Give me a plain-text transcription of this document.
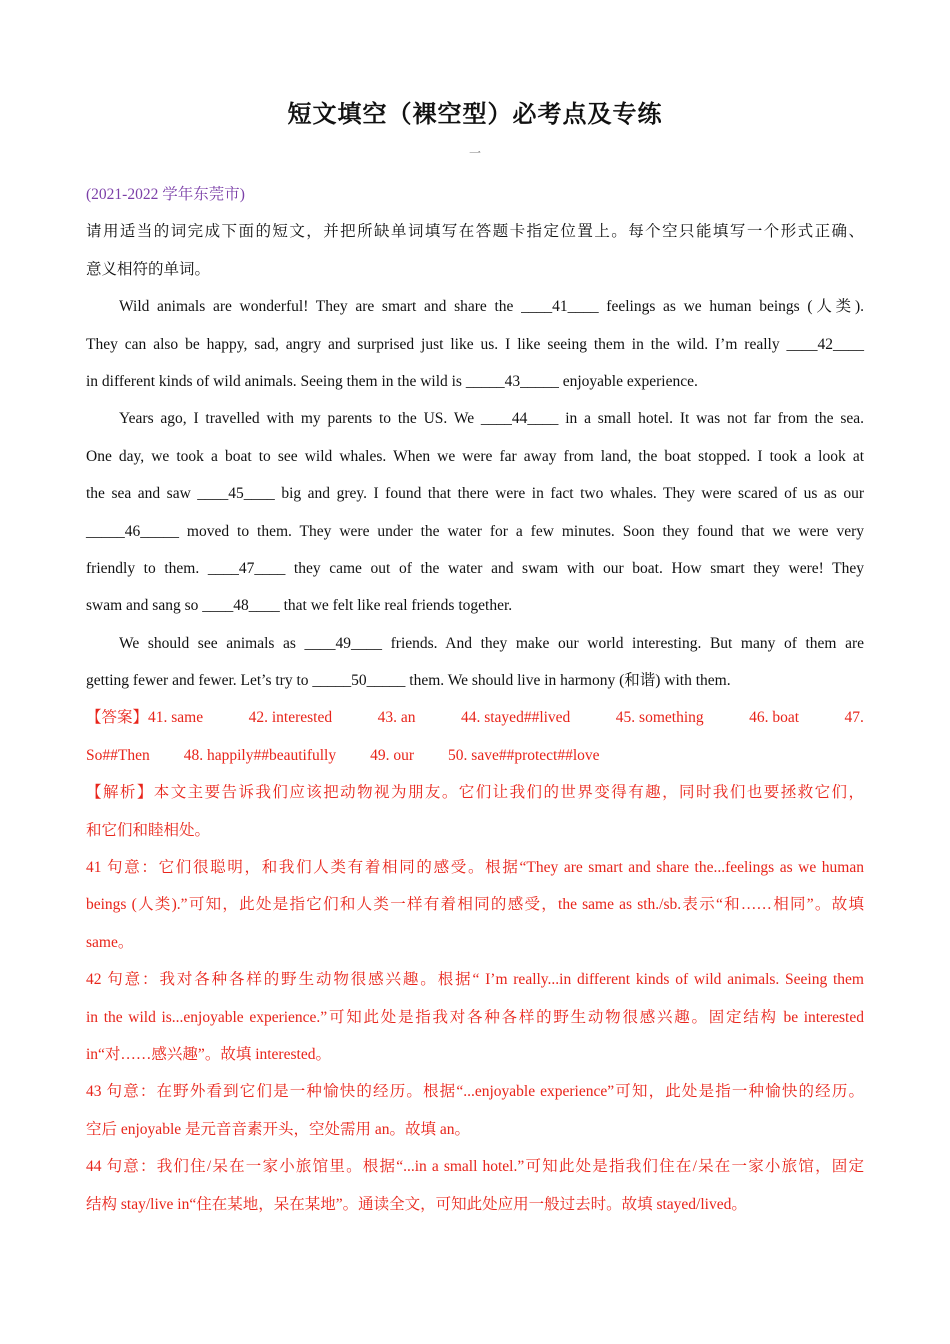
短文填空（裸空型）必考点及专练
一
(2021-2022 学年东莞市)
请用适当的词完成下面的短文，并把所缺单词填写在答题卡指定位置上。每个空只能填写一个形式正确、
意义相符的单词。
Wild animals are wonderful! They are smart and share the ____41____ feelings as we human beings (人类).
They can also be happy, sad, angry and surprised just like us. I like seeing them in the wild. I’m really ____42____
in different kinds of wild animals. Seeing them in the wild is _____43_____ enjoyable experience.
Years ago, I travelled with my parents to the US. We ____44____ in a small hotel. It was not far from the sea.
One day, we took a boat to see wild whales. When we were far away from land, the boat stopped. I took a look at
the sea and saw ____45____ big and grey. I found that there were in fact two whales. They were scared of us as our
_____46_____ moved to them. They were under the water for a few minutes. Soon they found that we were very
friendly to them. ____47____ they came out of the water and swam with our boat. How smart they were! They
swam and sang so ____48____ that we felt like real friends together.
We should see animals as ____49____ friends. And they make our world interesting. But many of them are
getting fewer and fewer. Let’s try to _____50_____ them. We should live in harmony (和谐) with them.
【答案】41. same	42. interested	43. an	44. stayed##lived	45. something	46. boat	47.
So##Then 48. happily##beautifully 49. our 50. save##protect##love
【解析】本文主要告诉我们应该把动物视为朋友。它们让我们的世界变得有趣，同时我们也要拯救它们，
和它们和睦相处。
41 句意：它们很聪明，和我们人类有着相同的感受。根据“They are smart and share the...feelings as we human
beings (人类).”可知，此处是指它们和人类一样有着相同的感受，the same as sth./sb.表示“和……相同”。故填
same。
42 句意：我对各种各样的野生动物很感兴趣。根据“ I’m really...in different kinds of wild animals. Seeing them
in the wild is...enjoyable experience.”可知此处是指我对各种各样的野生动物很感兴趣。固定结构 be interested
in“对……感兴趣”。故填 interested。
43 句意：在野外看到它们是一种愉快的经历。根据“...enjoyable experience”可知，此处是指一种愉快的经历。
空后 enjoyable 是元音音素开头，空处需用 an。故填 an。
44 句意：我们住/呆在一家小旅馆里。根据“...in a small hotel.”可知此处是指我们住在/呆在一家小旅馆，固定
结构 stay/live in“住在某地，呆在某地”。通读全文，可知此处应用一般过去时。故填 stayed/lived。
